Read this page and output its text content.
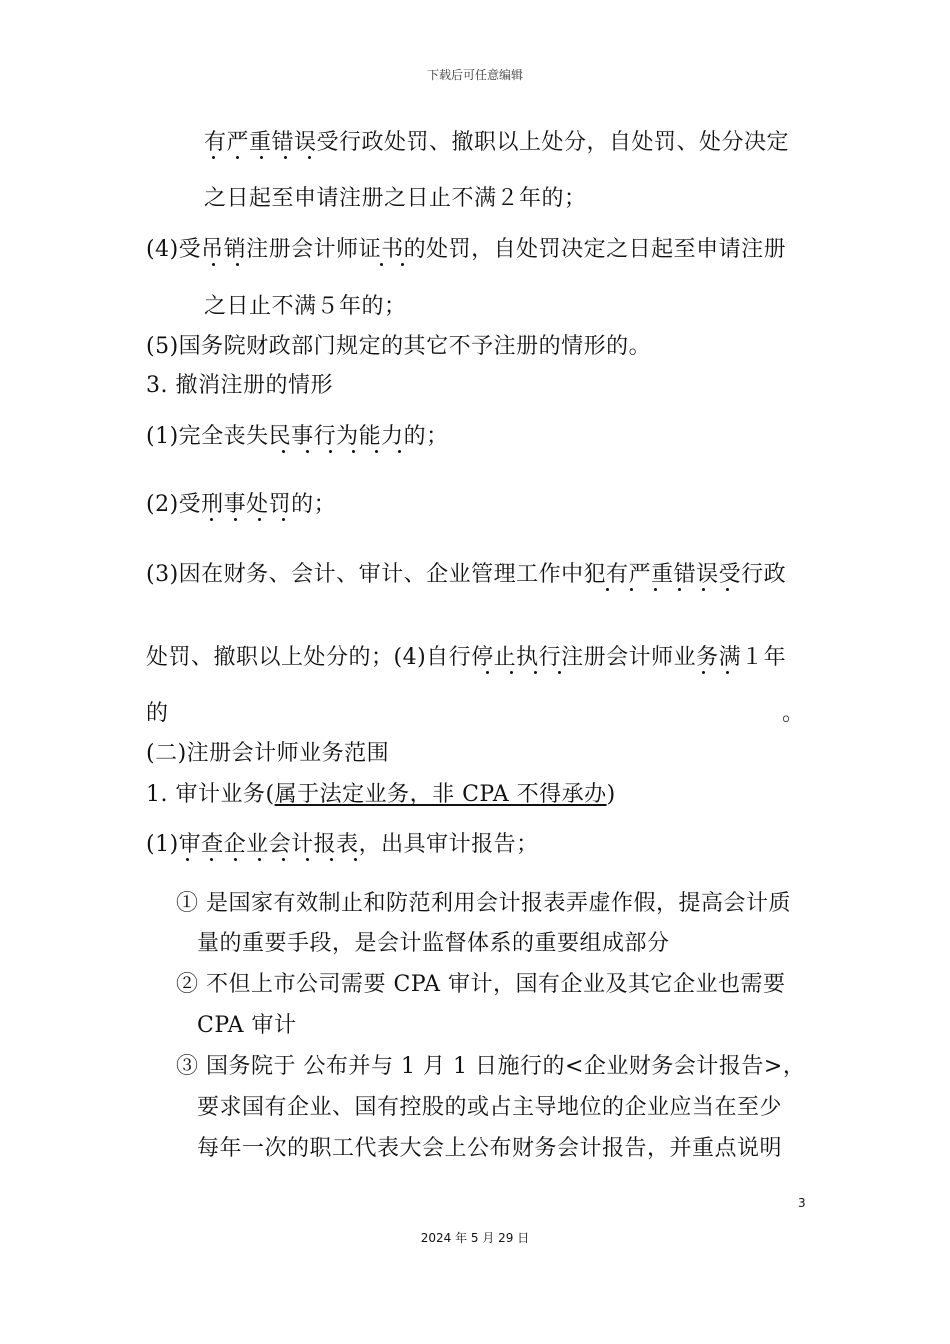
下载后可任意编辑
有严重错误受行政处罚、撤职以上处分，自处罚、处分决定
之日起至申请注册之日止不满２年的；
(4)受吊销注册会计师证书的处罚，自处罚决定之日起至申请注册
之日止不满５年的；
(5)国务院财政部门规定的其它不予注册的情形的。
3. 撤消注册的情形
(1)完全丧失民事行为能力的；
(2)受刑事处罚的；
(3)因在财务、会计、审计、企业管理工作中犯有严重错误受行政
处罚、撤职以上处分的；(4)自行停止执行注册会计师业务满１年
的	。
(二)注册会计师业务范围
1. 审计业务(属于法定业务，非 CPA 不得承办)
(1)审查企业会计报表，出具审计报告；
① 是国家有效制止和防范利用会计报表弄虚作假，提高会计质
量的重要手段，是会计监督体系的重要组成部分
② 不但上市公司需要 CPA 审计，国有企业及其它企业也需要
CPA 审计
③ 国务院于 公布并与 1 月 1 日施行的<企业财务会计报告>，
要求国有企业、国有控股的或占主导地位的企业应当在至少
每年一次的职工代表大会上公布财务会计报告，并重点说明
3
2024 年 5 月 29 日
